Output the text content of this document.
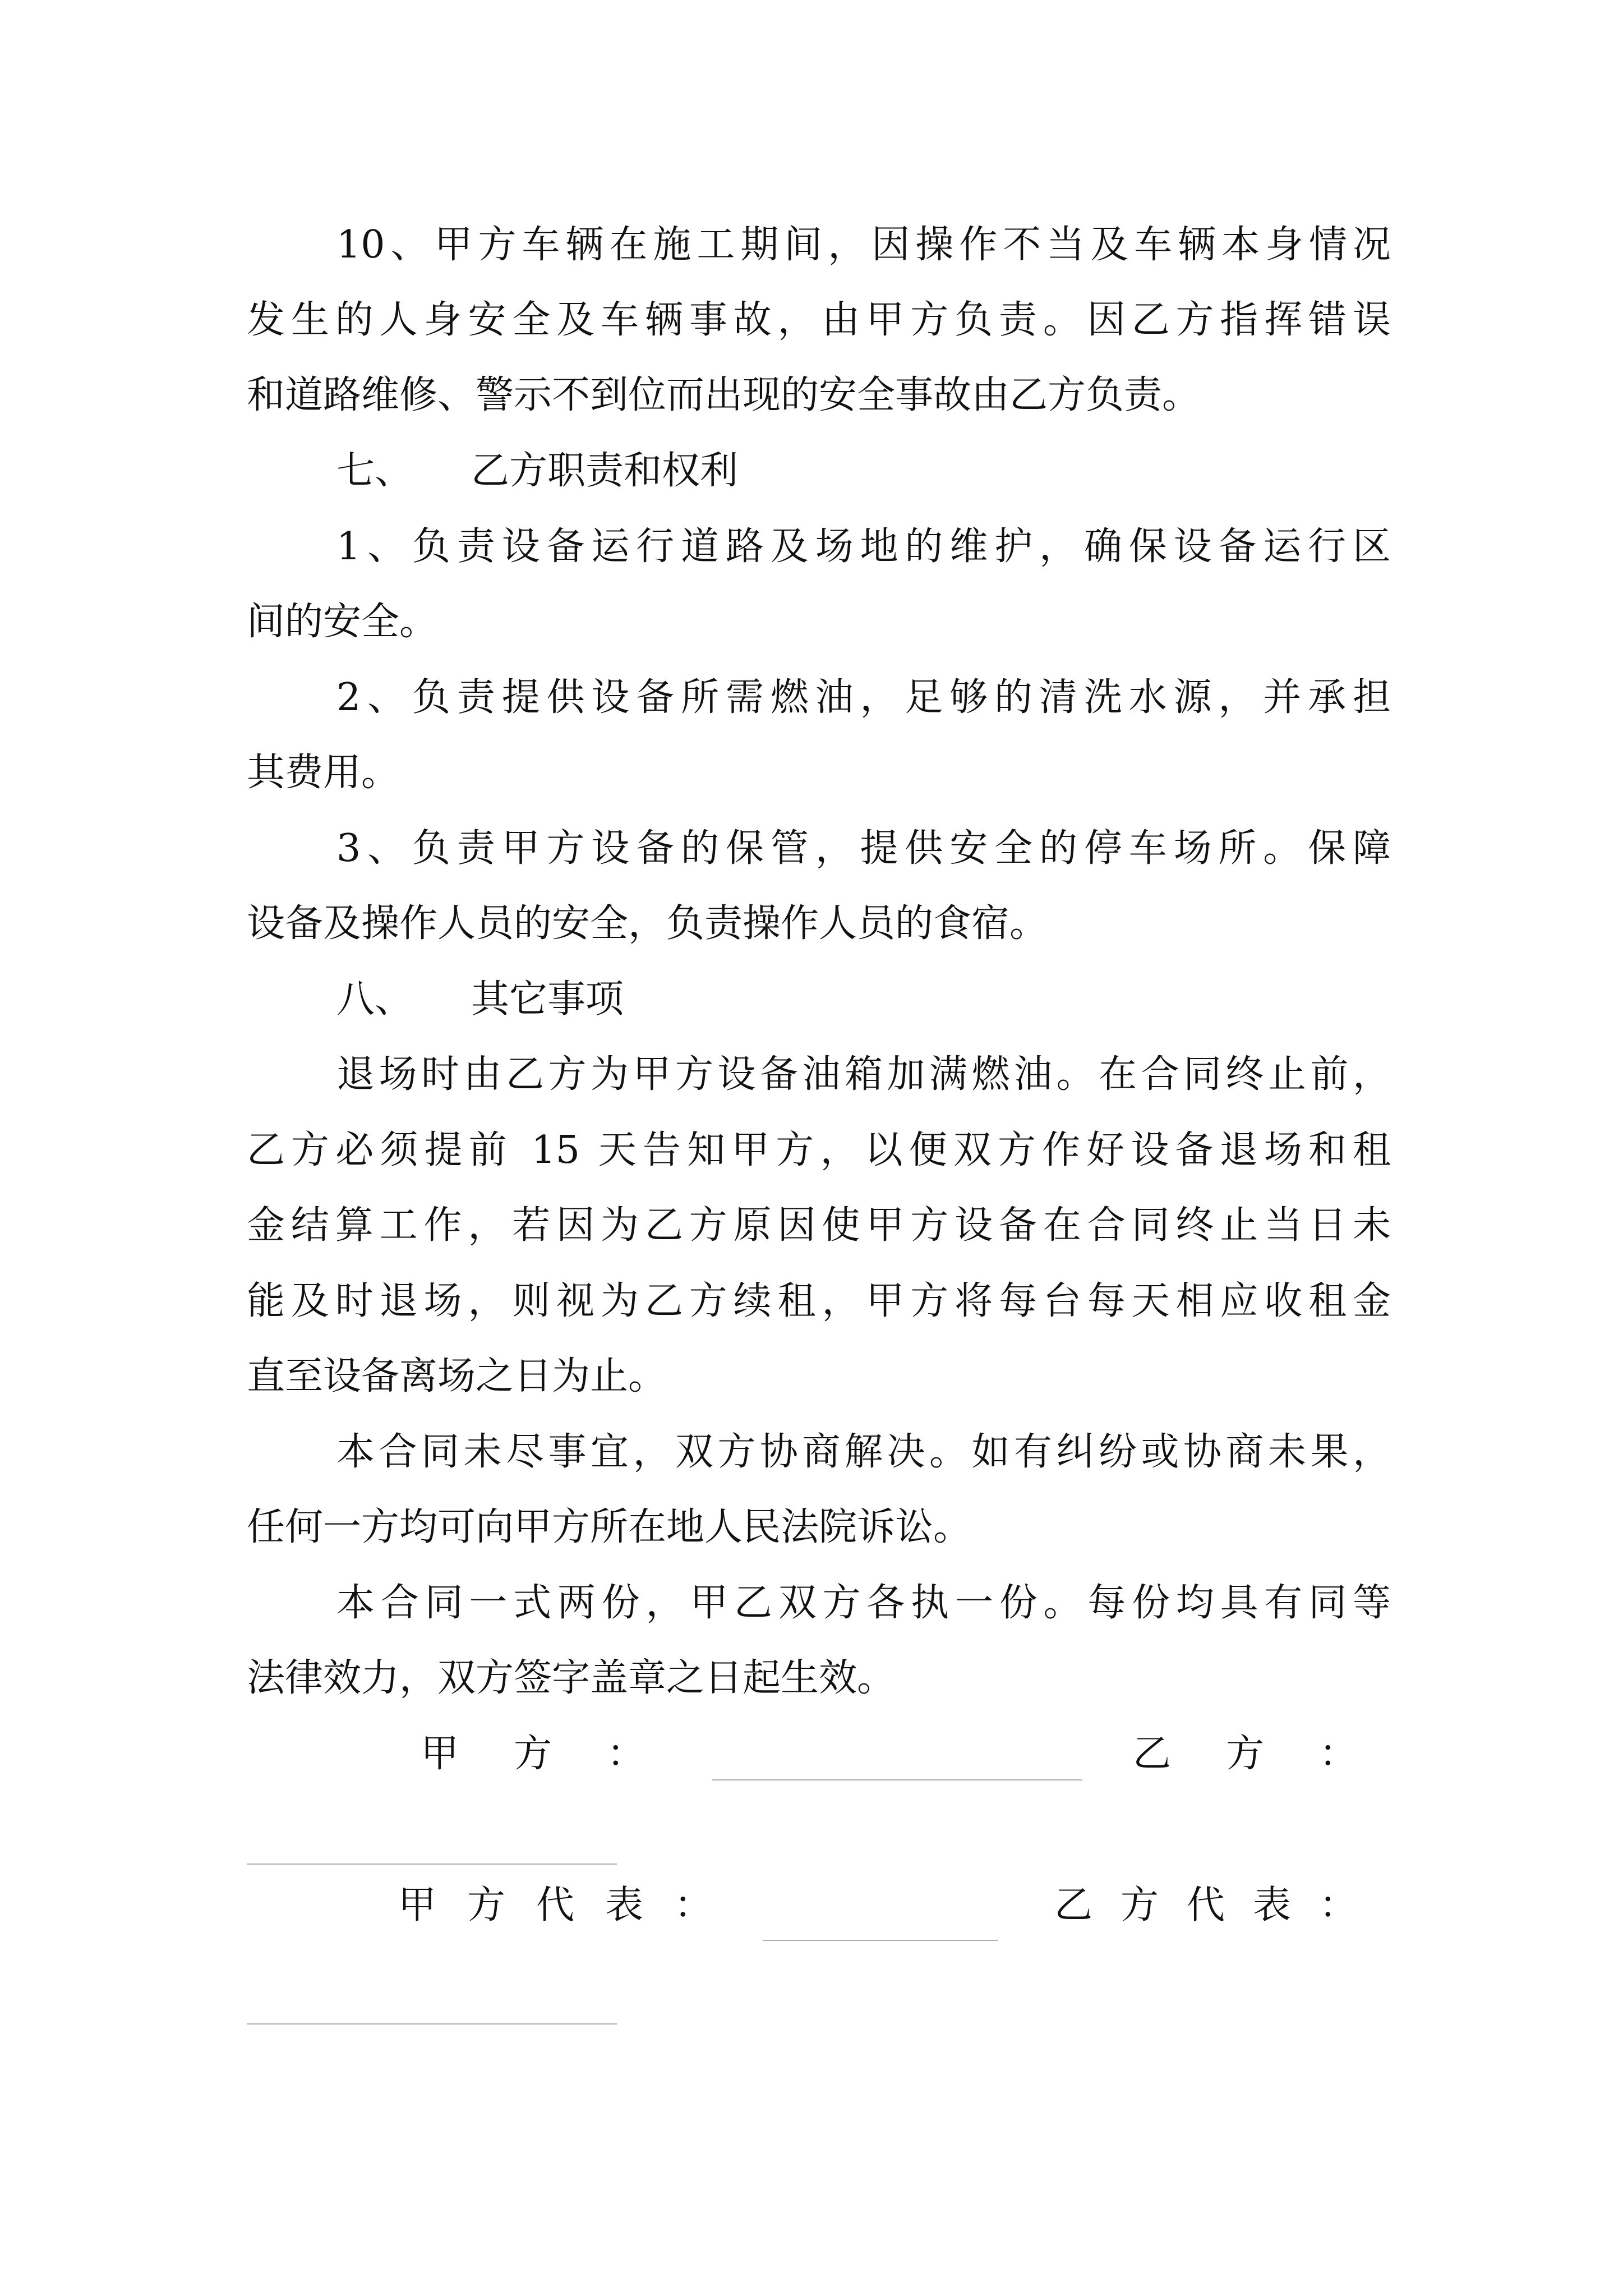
10、甲方车辆在施工期间，因操作不当及车辆本身情况
发生的人身安全及车辆事故，由甲方负责。因乙方指挥错误
和道路维修、警示不到位而出现的安全事故由乙方负责。
七、 乙方职责和权利
1、负责设备运行道路及场地的维护，确保设备运行区
间的安全。
2、负责提供设备所需燃油，足够的清洗水源，并承担
其费用。
3、负责甲方设备的保管，提供安全的停车场所。保障
设备及操作人员的安全，负责操作人员的食宿。
八、 其它事项
退场时由乙方为甲方设备油箱加满燃油。在合同终止前，
乙方必须提前 15 天告知甲方，以便双方作好设备退场和租
金结算工作，若因为乙方原因使甲方设备在合同终止当日未
能及时退场，则视为乙方续租，甲方将每台每天相应收租金
直至设备离场之日为止。
本合同未尽事宜，双方协商解决。如有纠纷或协商未果，
任何一方均可向甲方所在地人民法院诉讼。
本合同一式两份，甲乙双方各执一份。每份均具有同等
法律效力，双方签字盖章之日起生效。
甲 方 ：	乙 方 ：
甲 方 代 表 ：	乙 方 代 表 ：
